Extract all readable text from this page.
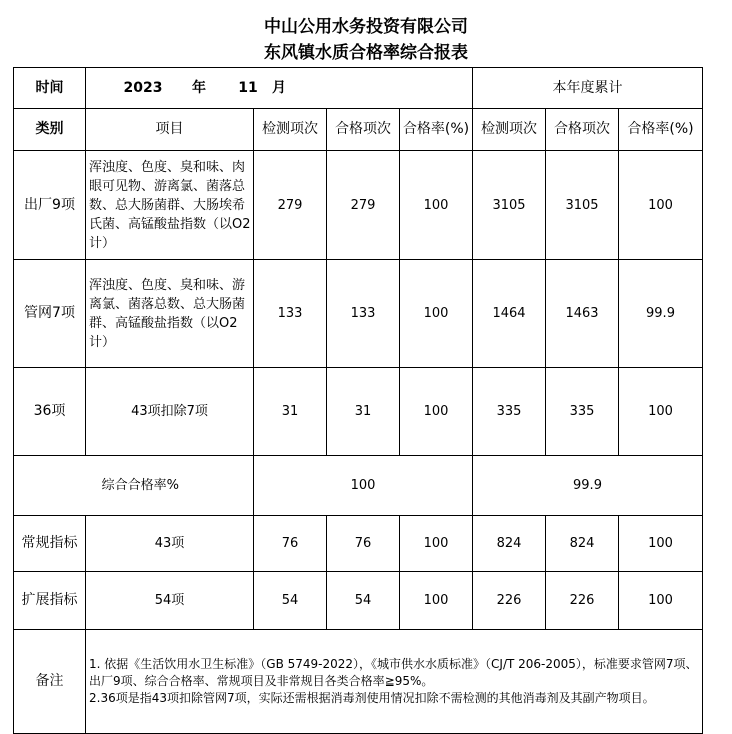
中山公用水务投资有限公司
东风镇水质合格率综合报表
时间	2023 年 11 月				本年度累计		
类别	项目	检测项次	合格项次	合格率(%)	检测项次	合格项次	合格率(%)
出厂9项	浑浊度、色度、臭和味、肉眼可见物、游离氯、菌落总数、总大肠菌群、大肠埃希氏菌、高锰酸盐指数（以O2计）	279	279	100	3105	3105	100
管网7项	浑浊度、色度、臭和味、游离氯、菌落总数、总大肠菌群、高锰酸盐指数（以O2计）	133	133	100	1464	1463	99.9
36项	43项扣除7项	31	31	100	335	335	100
综合合格率%		100			99.9		
常规指标	43项	76	76	100	824	824	100
扩展指标	54项	54	54	100	226	226	100
备注	1. 依据《生活饮用水卫生标准》（GB 5749-2022），《城市供水水质标准》（CJ/T 206-2005），标准要求管网7项、出厂9项、综合合格率、常规项目及非常规目各类合格率≧95%。
2.36项是指43项扣除管网7项，实际还需根据消毒剂使用情况扣除不需检测的其他消毒剂及其副产物项目。						
